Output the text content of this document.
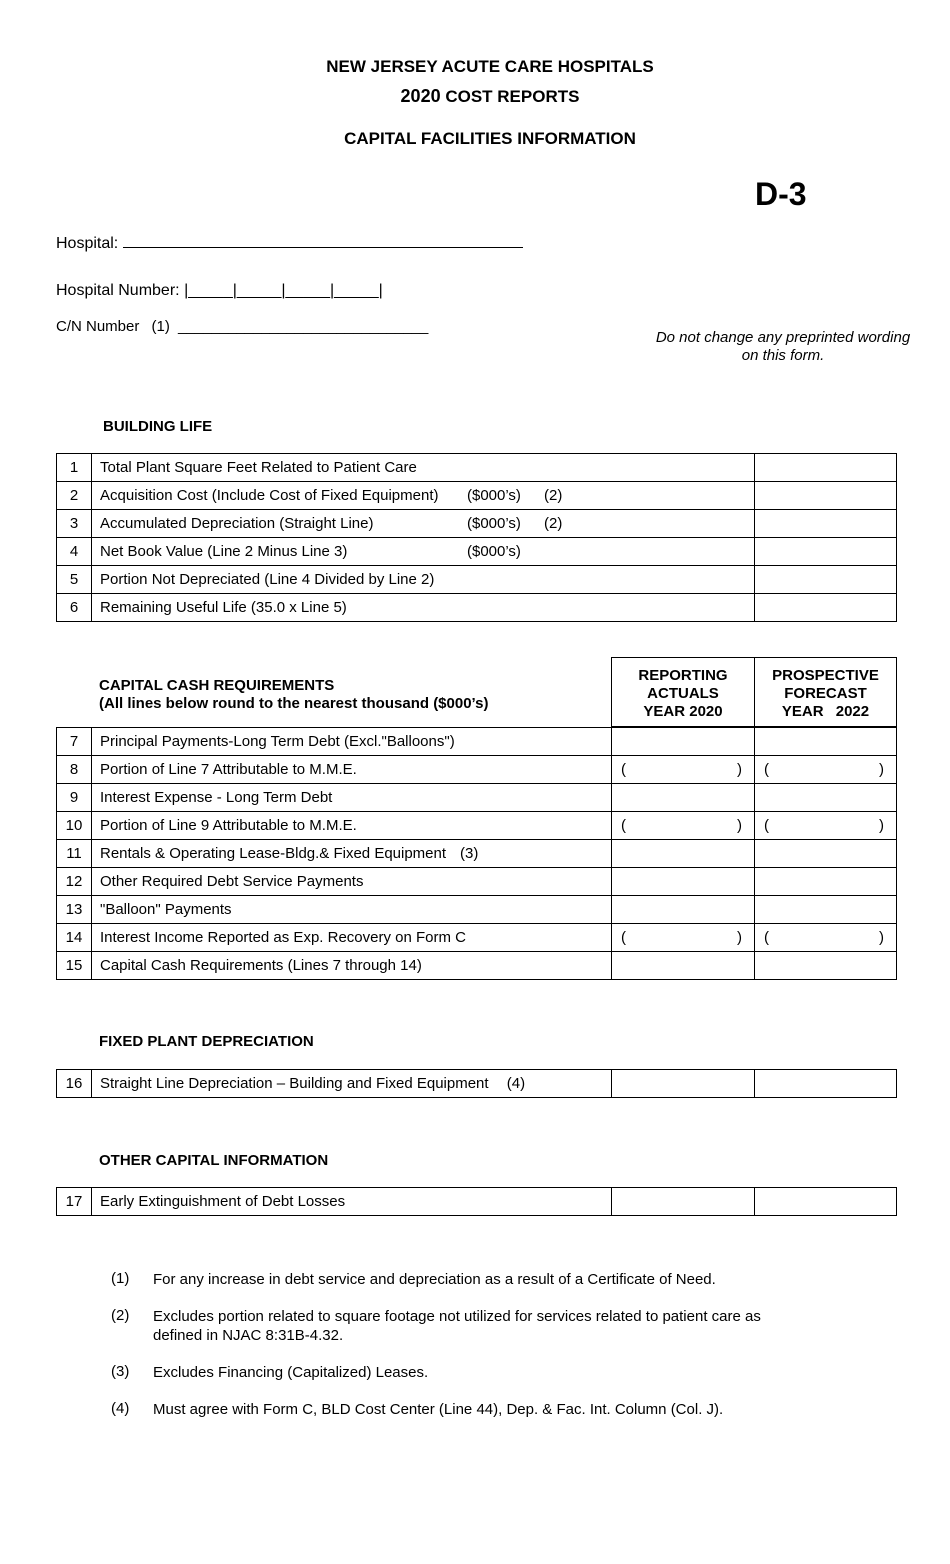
NEW JERSEY ACUTE CARE HOSPITALS
2020 COST REPORTS
CAPITAL FACILITIES INFORMATION
D-3
Hospital:
Hospital Number: |_____|_____|_____|_____|
C/N Number (1) ______________________________
Do not change any preprinted wording on this form.
BUILDING LIFE
1	Total Plant Square Feet Related to Patient Care

2	Acquisition Cost (Include Cost of Fixed Equipment) ($000’s) (2)	

3	Accumulated Depreciation (Straight Line) ($000’s) (2)	

4	Net Book Value (Line 2 Minus Line 3) ($000’s)	

5	Portion Not Depreciated (Line 4 Divided by Line 2)

6	Remaining Useful Life (35.0 x Line 5)

REPORTING
ACTUALS
YEAR 2020
PROSPECTIVE
FORECAST
YEAR 2022
CAPITAL CASH REQUIREMENTS
(All lines below round to the nearest thousand ($000’s)
7	Principal Payments-Long Term Debt (Excl."Balloons")		
8	Portion of Line 7 Attributable to M.M.E.	( )	( )

9	Interest Expense - Long Term Debt		
10	Portion of Line 9 Attributable to M.M.E.	( )	( )

11	Rentals & Operating Lease-Bldg.& Fixed Equipment (3)		
12	Other Required Debt Service Payments		
13	"Balloon" Payments		
14	Interest Income Reported as Exp. Recovery on Form C	( )	( )

15	Capital Cash Requirements (Lines 7 through 14)		
FIXED PLANT DEPRECIATION
16	Straight Line Depreciation – Building and Fixed Equipment (4)		
OTHER CAPITAL INFORMATION
17	Early Extinguishment of Debt Losses		
(1) For any increase in debt service and depreciation as a result of a Certificate of Need.
(2) Excludes portion related to square footage not utilized for services related to patient care as defined in NJAC 8:31B-4.32.
(3) Excludes Financing (Capitalized) Leases.
(4) Must agree with Form C, BLD Cost Center (Line 44), Dep. & Fac. Int. Column (Col. J).
